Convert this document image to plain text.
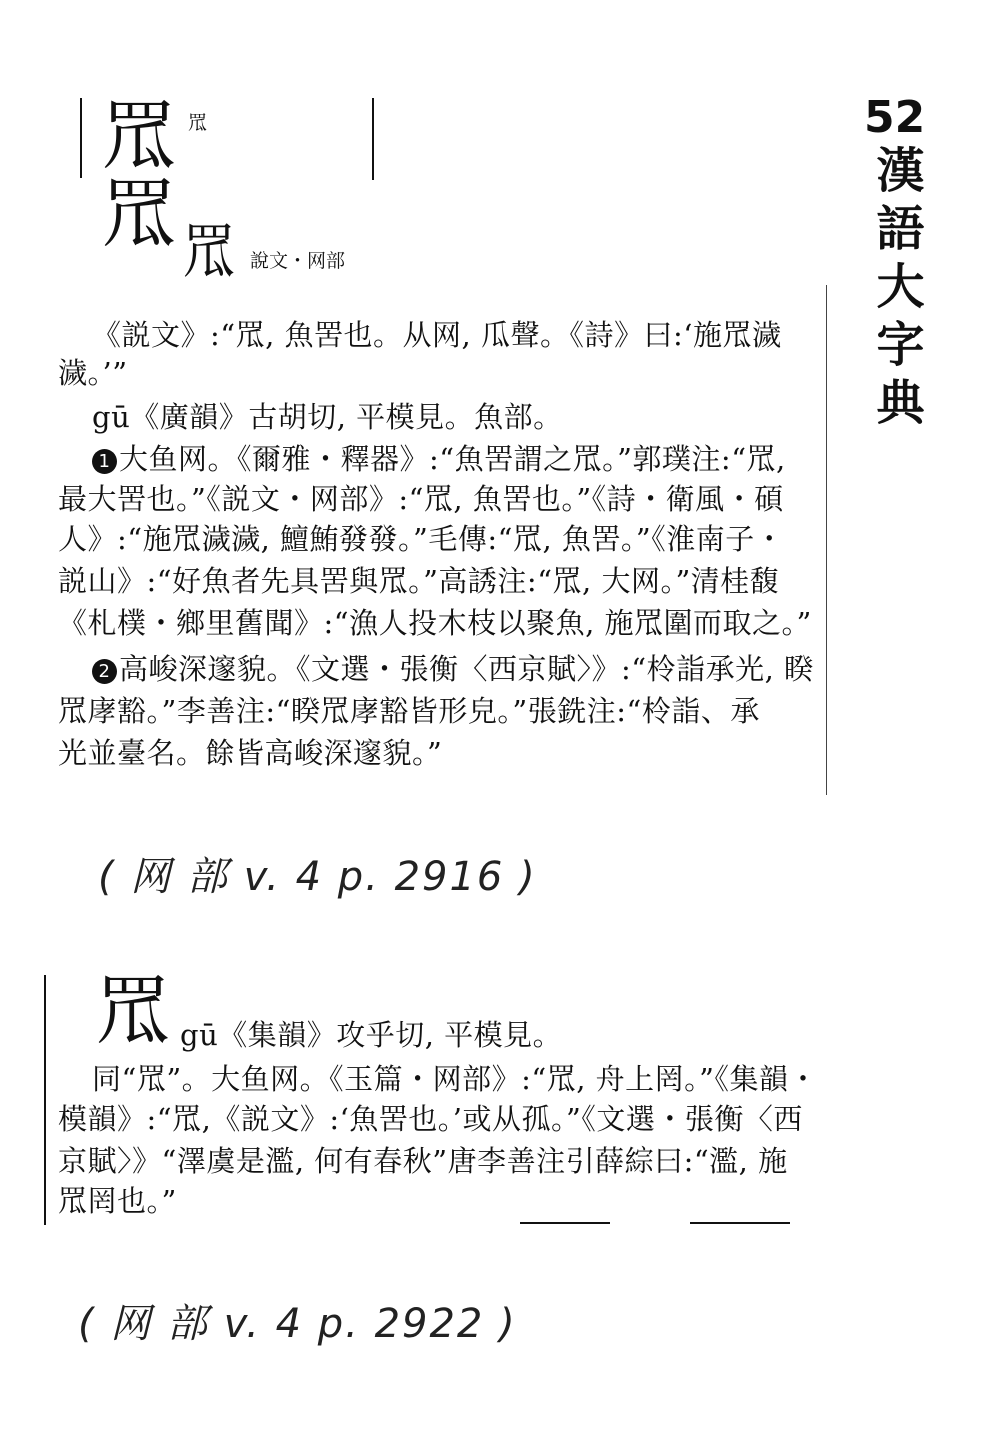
52
漢語大字典
罛 罛
罛 罛 說文・网部
《説文》:“罛, 魚罟也。从网, 瓜聲。《詩》曰:‘施罛濊
濊。’”
gū《廣韻》古胡切, 平模見。魚部。
1 大鱼网。《爾雅・釋器》:“魚罟謂之罛。”郭璞注:“罛,
最大罟也。”《説文・网部》:“罛, 魚罟也。”《詩・衛風・碩
人》:“施罛濊濊, 鱣鮪發發。”毛傳:“罛, 魚罟。”《淮南子・
説山》:“好魚者先具罟與罛。”高誘注:“罛, 大网。”清桂馥
《札樸・鄉里舊聞》:“漁人投木枝以聚魚, 施罛圍而取之。”
2 高峻深邃貌。《文選・張衡〈西京賦〉》:“柃詣承光, 睽
罛庨豁。”李善注:“睽罛庨豁皆形皃。”張銑注:“柃詣、承
光並臺名。餘皆高峻深邃貌。”
( 网 部 v. 4 p. 2916 )
罛 gū《集韻》攻乎切, 平模見。
同“罛”。大鱼网。《玉篇・网部》:“罛, 舟上罔。”《集韻・
模韻》:“罛,《説文》:‘魚罟也。’或从孤。”《文選・張衡〈西
京賦〉》“澤虞是濫, 何有春秋”唐李善注引薛綜曰:“濫, 施
罛罔也。”
( 网 部 v. 4 p. 2922 )
